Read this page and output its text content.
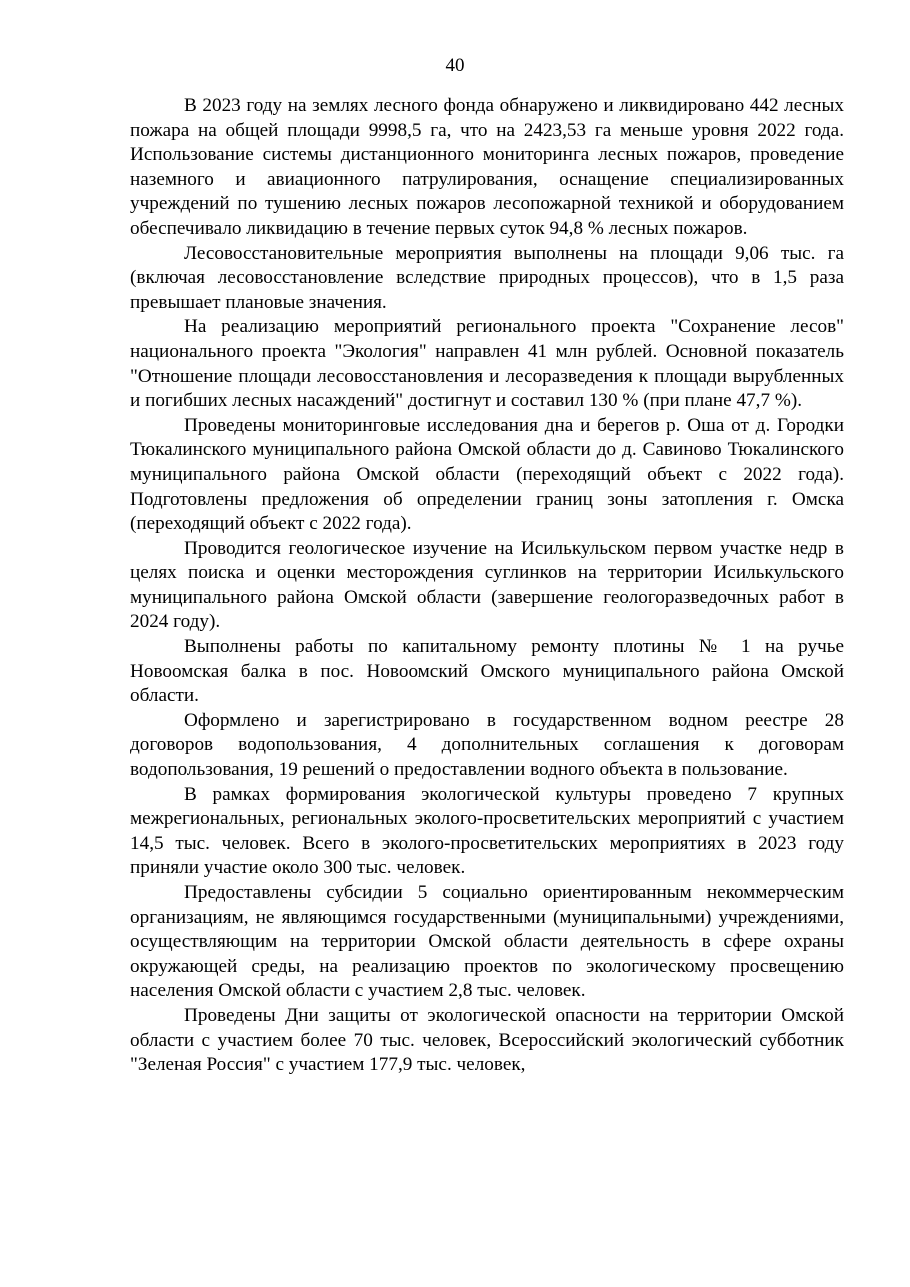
40

В 2023 году на землях лесного фонда обнаружено и ликвидировано 442 лесных пожара на общей площади 9998,5 га, что на 2423,53 га меньше уровня 2022 года. Использование системы дистанционного мониторинга лесных пожаров, проведение наземного и авиационного патрулирования, оснащение специализированных учреждений по тушению лесных пожаров лесопожарной техникой и оборудованием обеспечивало ликвидацию в течение первых суток 94,8 % лесных пожаров.

Лесовосстановительные мероприятия выполнены на площади 9,06 тыс. га (включая лесовосстановление вследствие природных процессов), что в 1,5 раза превышает плановые значения.

На реализацию мероприятий регионального проекта "Сохранение лесов" национального проекта "Экология" направлен 41 млн рублей. Основной показатель "Отношение площади лесовосстановления и лесоразведения к площади вырубленных и погибших лесных насаждений" достигнут и составил 130 % (при плане 47,7 %).

Проведены мониторинговые исследования дна и берегов р. Оша от д. Городки Тюкалинского муниципального района Омской области до д. Савиново Тюкалинского муниципального района Омской области (переходящий объект с 2022 года). Подготовлены предложения об определении границ зоны затопления г. Омска (переходящий объект с 2022 года).

Проводится геологическое изучение на Исилькульском первом участке недр в целях поиска и оценки месторождения суглинков на территории Исилькульского муниципального района Омской области (завершение геологоразведочных работ в 2024 году).

Выполнены работы по капитальному ремонту плотины № 1 на ручье Новоомская балка в пос. Новоомский Омского муниципального района Омской области.

Оформлено и зарегистрировано в государственном водном реестре 28 договоров водопользования, 4 дополнительных соглашения к договорам водопользования, 19 решений о предоставлении водного объекта в пользование.

В рамках формирования экологической культуры проведено 7 крупных межрегиональных, региональных эколого-просветительских мероприятий с участием 14,5 тыс. человек. Всего в эколого-просветительских мероприятиях в 2023 году приняли участие около 300 тыс. человек.

Предоставлены субсидии 5 социально ориентированным некоммерческим организациям, не являющимся государственными (муниципальными) учреждениями, осуществляющим на территории Омской области деятельность в сфере охраны окружающей среды, на реализацию проектов по экологическому просвещению населения Омской области с участием 2,8 тыс. человек.

Проведены Дни защиты от экологической опасности на территории Омской области с участием более 70 тыс. человек, Всероссийский экологический субботник "Зеленая Россия" с участием 177,9 тыс. человек,
